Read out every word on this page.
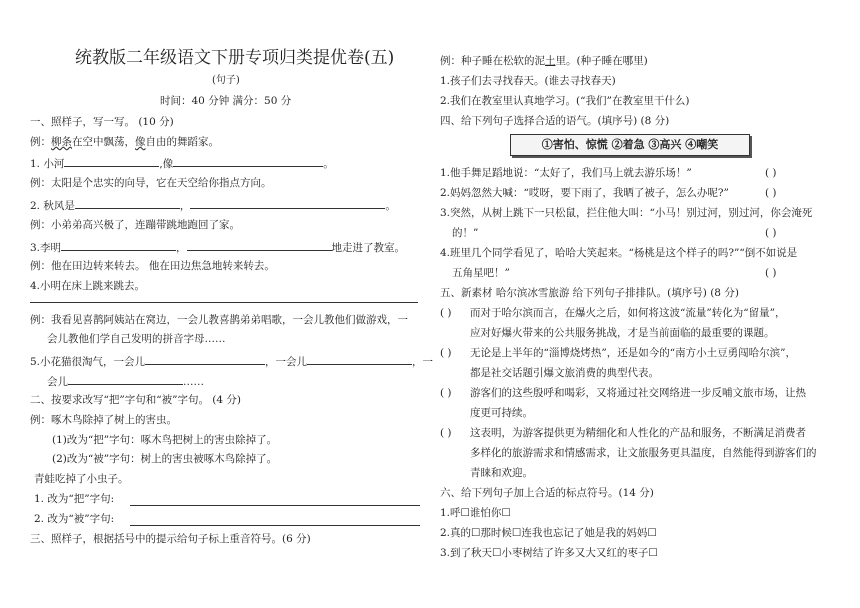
统教版二年级语文下册专项归类提优卷(五)
(句子)
时间：40 分钟 满分：50 分
一、照样子，写一写。 (10 分)
例：柳条在空中飘荡，像自由的舞蹈家。
1. 小河	,像	。
例：太阳是个忠实的向导，它在天空给你指点方向。
2. 秋风是	，	。
例：小弟弟高兴极了，连蹦带跳地跑回了家。
3.李明	，	地走进了教室。
例：他在田边转来转去。 他在田边焦急地转来转去。
4.小明在床上跳来跳去。
例：我看见喜鹊阿姨站在窝边，一会儿教喜鹊弟弟唱歌，一会儿教他们做游戏，一
会儿教他们学自己发明的拼音字母……
5.小花猫很淘气，一会儿	，一会儿	，一
会儿	……
二、按要求改写“把”字句和“被”字句。 (4 分)
例：啄木鸟除掉了树上的害虫。
(1)改为“把”字句：啄木鸟把树上的害虫除掉了。
(2)改为“被”字句：树上的害虫被啄木鸟除掉了。
青蛙吃掉了小虫子。
1. 改为“把”字句:
2. 改为“被”字句:
三、照样子，根据括号中的提示给句子标上重音符号。(6 分)
例：种子睡在松软的泥土里。(种子睡在哪里)
1.孩子们去寻找春天。(谁去寻找春天)
2.我们在教室里认真地学习。(“我们”在教室里干什么)
四、给下列句子选择合适的语气。(填序号) (8 分)
①害怕、惊慌 ②着急 ③高兴 ④嘲笑
1.他手舞足蹈地说：“太好了，我们马上就去游乐场！”	( )
2.妈妈忽然大喊：“哎呀，要下雨了，我晒了被子，怎么办呢?”	( )
3.突然，从树上跳下一只松鼠，拦住他大叫：“小马！别过河，别过河，你会淹死
的！”	( )
4.班里几个同学看见了，哈哈大笑起来。“杨桃是这个样子的吗?”“倒不如说是
五角星吧！”	( )
五、新素材 哈尔滨冰雪旅游 给下列句子排排队。(填序号) (8 分)
( ) 而对于哈尔滨而言，在爆火之后，如何将这波“流量”转化为“留量”，
应对好爆火带来的公共服务挑战，才是当前面临的最重要的课题。
( ) 无论是上半年的“淄博烧烤热”，还是如今的“南方小土豆勇闯哈尔滨”，
都是社交话题引爆文旅消费的典型代表。
( ) 游客们的这些殷呼和喝彩，又将通过社交网络进一步反哺文旅市场，让热
度更可持续。
( ) 这表明，为游客提供更为精细化和人性化的产品和服务，不断满足消费者
多样化的旅游需求和情感需求，让文旅服务更具温度，自然能得到游客们的
青睐和欢迎。
六、给下列句子加上合适的标点符号。(14 分)
1.呼☐谁怕你☐
2.真的☐那时候☐连我也忘记了她是我的妈妈☐
3.到了秋天☐小枣树结了许多又大又红的枣子☐
